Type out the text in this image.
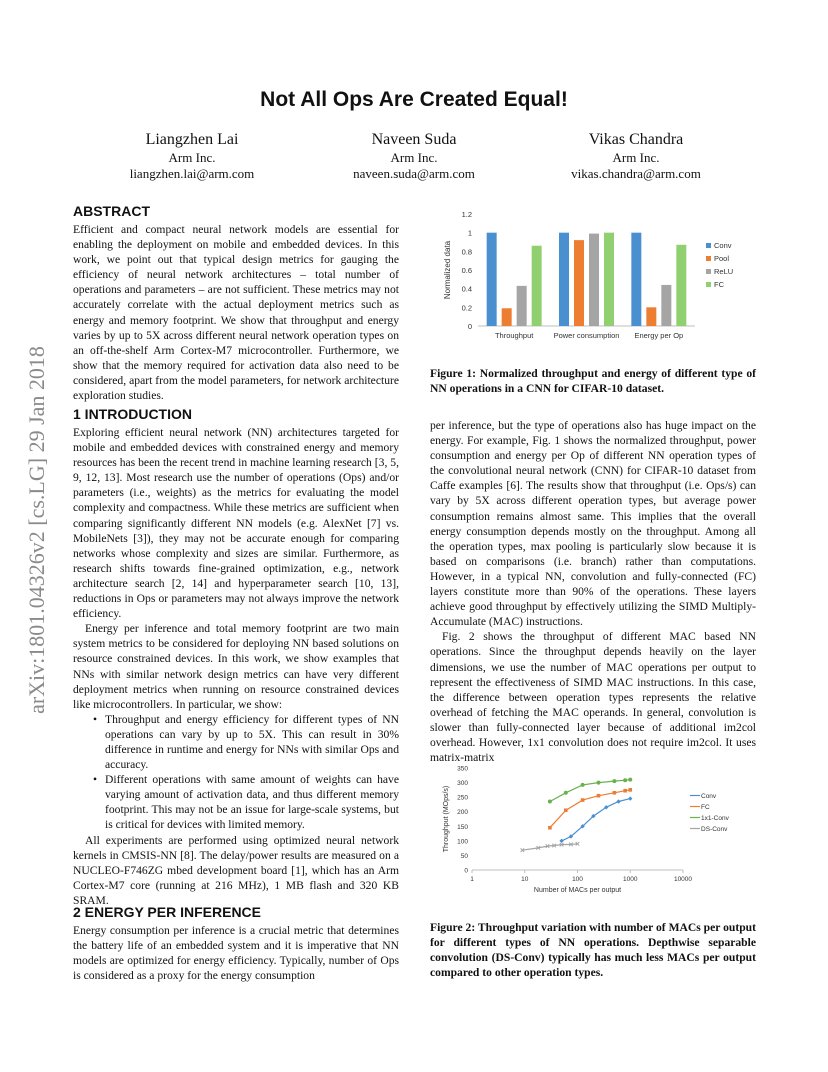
arXiv:1801.04326v2 [cs.LG] 29 Jan 2018
Not All Ops Are Created Equal!
Liangzhen Lai
Arm Inc.
liangzhen.lai@arm.com
Naveen Suda
Arm Inc.
naveen.suda@arm.com
Vikas Chandra
Arm Inc.
vikas.chandra@arm.com
ABSTRACT

Efficient and compact neural network models are essential for enabling the deployment on mobile and embedded devices. In this work, we point out that typical design metrics for gauging the efficiency of neural network architectures – total number of operations and parameters – are not sufficient. These metrics may not accurately correlate with the actual deployment metrics such as energy and memory footprint. We show that throughput and energy varies by up to 5X across different neural network operation types on an off-the-shelf Arm Cortex-M7 microcontroller. Furthermore, we show that the memory required for activation data also need to be considered, apart from the model parameters, for network architecture exploration studies.

1 INTRODUCTION

Exploring efficient neural network (NN) architectures targeted for mobile and embedded devices with constrained energy and memory resources has been the recent trend in machine learning research [3, 5, 9, 12, 13]. Most research use the number of operations (Ops) and/or parameters (i.e., weights) as the metrics for evaluating the model complexity and compactness. While these metrics are sufficient when comparing significantly different NN models (e.g. AlexNet [7] vs. MobileNets [3]), they may not be accurate enough for comparing networks whose complexity and sizes are similar. Furthermore, as research shifts towards fine-grained optimization, e.g., network architecture search [2, 14] and hyperparameter search [10, 13], reductions in Ops or parameters may not always improve the network efficiency.

Energy per inference and total memory footprint are two main system metrics to be considered for deploying NN based solutions on resource constrained devices. In this work, we show examples that NNs with similar network design metrics can have very different deployment metrics when running on resource constrained devices like microcontrollers. In particular, we show:

• Throughput and energy efficiency for different types of NN operations can vary by up to 5X. This can result in 30% difference in runtime and energy for NNs with similar Ops and accuracy.
• Different operations with same amount of weights can have varying amount of activation data, and thus different memory footprint. This may not be an issue for large-scale systems, but is critical for devices with limited memory.

All experiments are performed using optimized neural network kernels in CMSIS-NN [8]. The delay/power results are measured on a NUCLEO-F746ZG mbed development board [1], which has an Arm Cortex-M7 core (running at 216 MHz), 1 MB flash and 320 KB SRAM.

2 ENERGY PER INFERENCE

Energy consumption per inference is a crucial metric that determines the battery life of an embedded system and it is imperative that NN models are optimized for energy efficiency. Typically, number of Ops is considered as a proxy for the energy consumption

Normalized data
0
0.2
0.4
0.6
0.8
1
1.2
Throughput	Power consumption Energy per Op
Conv
Pool
ReLU
FC
Figure 1: Normalized throughput and energy of different type of NN operations in a CNN for CIFAR-10 dataset.

per inference, but the type of operations also has huge impact on the energy. For example, Fig. 1 shows the normalized throughput, power consumption and energy per Op of different NN operation types of the convolutional neural network (CNN) for CIFAR-10 dataset from Caffe examples [6]. The results show that throughput (i.e. Ops/s) can vary by 5X across different operation types, but average power consumption remains almost same. This implies that the overall energy consumption depends mostly on the throughput. Among all the operation types, max pooling is particularly slow because it is based on comparisons (i.e. branch) rather than computations. However, in a typical NN, convolution and fully-connected (FC) layers constitute more than 90% of the operations. These layers achieve good throughput by effectively utilizing the SIMD Multiply-Accumulate (MAC) instructions.

Fig. 2 shows the throughput of different MAC based NN operations. Since the throughput depends heavily on the layer dimensions, we use the number of MAC operations per output to represent the effectiveness of SIMD MAC instructions. In this case, the difference between operation types represents the relative overhead of fetching the MAC operands. In general, convolution is slower than fully-connected layer because of additional im2col overhead. However, 1x1 convolution does not require im2col. It uses matrix-matrix

Throughput (MOps/s)
0
50
100
150
200
250
300
350
1	10	100	1000	10000
Number of MACs per output
Conv
FC
1x1-Conv
DS-Conv
Figure 2: Throughput variation with number of MACs per output for different types of NN operations. Depthwise separable convolution (DS-Conv) typically has much less MACs per output compared to other operation types.
